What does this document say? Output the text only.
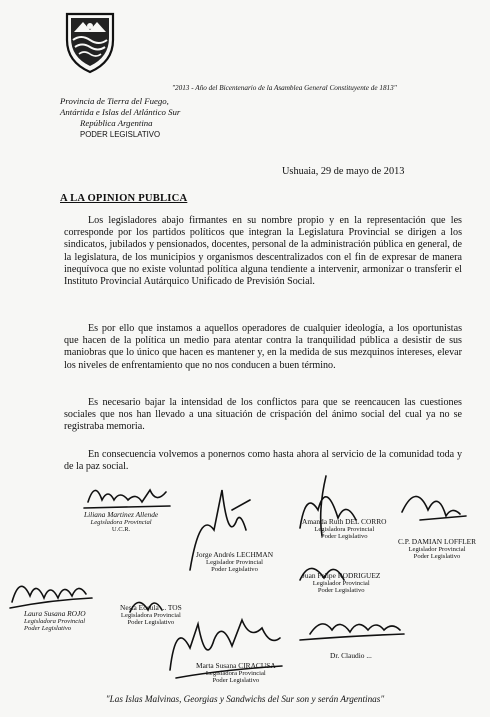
"2013 - Año del Bicentenario de la Asamblea General Constituyente de 1813"
Provincia de Tierra del Fuego,
Antártida e Islas del Atlántico Sur
República Argentina
PODER LEGISLATIVO
Ushuaia, 29 de mayo de 2013
A LA OPINION PUBLICA

Los legisladores abajo firmantes en su nombre propio y en la representación que les corresponde por los partidos políticos que integran la Legislatura Provincial se dirigen a los sindicatos, jubilados y pensionados, docentes, personal de la administración pública en general, de la legislatura, de los municipios y organismos descentralizados con el fin de expresar de manera inequívoca que no existe voluntad política alguna tendiente a intervenir, armonizar o transferir el Instituto Provincial Autárquico Unificado de Previsión Social.

Es por ello que instamos a aquellos operadores de cualquier ideología, a los oportunistas que hacen de la política un medio para atentar contra la tranquilidad pública a desistir de sus maniobras que lo único que hacen es mantener y, en la medida de sus mezquinos intereses, elevar los niveles de enfrentamiento que no nos conducen a buen término.

Es necesario bajar la intensidad de los conflictos para que se reencaucen las cuestiones sociales que nos han llevado a una situación de crispación del ánimo social del cual ya no se registraba memoria.

En consecuencia volvemos a ponernos como hasta ahora al servicio de la comunidad toda y de la paz social.

Liliana Martinez Allende
Legisladora Provincial
U.C.R.
Amanda Ruth DEL CORRO
Legisladora Provincial
Poder Legislativo
Jorge Andrés LECHMAN
Legislador Provincial
Poder Legislativo
C.P. DAMIAN LOFFLER
Legislador Provincial
Poder Legislativo
Juan Felipe RODRIGUEZ
Legislador Provincial
Poder Legislativo
Laura Susana ROJO
Legisladora Provincial
Poder Legislativo
Nesta Eosula ... TOS
Legisladora Provincial
Poder Legislativo
Marta Susana CIRACUSA
Legisladora Provincial
Poder Legislativo
Dr. Claudio ...
"Las Islas Malvinas, Georgias y Sandwichs del Sur son y serán Argentinas"
